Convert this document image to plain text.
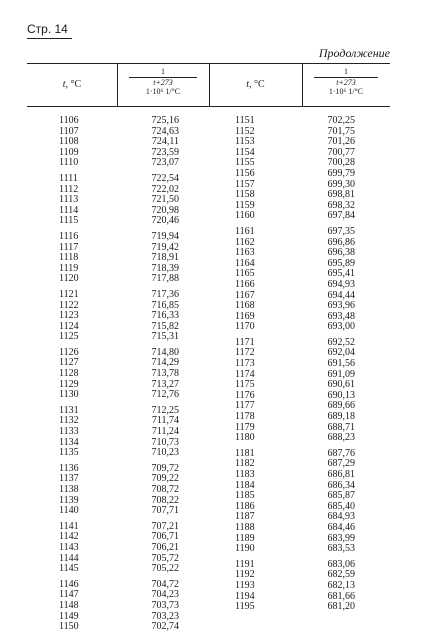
Стр. 14
Продолжение
t, °C
1
t+273
1·10⁶ 1/°C
t, °C
1
t+273
1·10⁶ 1/°C
1106	725,16
1107	724,63
1108	724,11
1109	723,59
1110	723,07
1111	722,54
1112	722,02
1113	721,50
1114	720,98
1115	720,46
1116	719,94
1117	719,42
1118	718,91
1119	718,39
1120	717,88
1121	717,36
1122	716,85
1123	716,33
1124	715,82
1125	715,31
1126	714,80
1127	714,29
1128	713,78
1129	713,27
1130	712,76
1131	712,25
1132	711,74
1133	711,24
1134	710,73
1135	710,23
1136	709,72
1137	709,22
1138	708,72
1139	708,22
1140	707,71
1141	707,21
1142	706,71
1143	706,21
1144	705,72
1145	705,22
1146	704,72
1147	704,23
1148	703,73
1149	703,23
1150	702,74
1151	702,25
1152	701,75
1153	701,26
1154	700,77
1155	700,28
1156	699,79
1157	699,30
1158	698,81
1159	698,32
1160	697,84
1161	697,35
1162	696,86
1163	696,38
1164	695,89
1165	695,41
1166	694,93
1167	694,44
1168	693,96
1169	693,48
1170	693,00
1171	692,52
1172	692,04
1173	691,56
1174	691,09
1175	690,61
1176	690,13
1177	689,66
1178	689,18
1179	688,71
1180	688,23
1181	687,76
1182	687,29
1183	686,81
1184	686,34
1185	685,87
1186	685,40
1187	684,93
1188	684,46
1189	683,99
1190	683,53
1191	683,06
1192	682,59
1193	682,13
1194	681,66
1195	681,20
